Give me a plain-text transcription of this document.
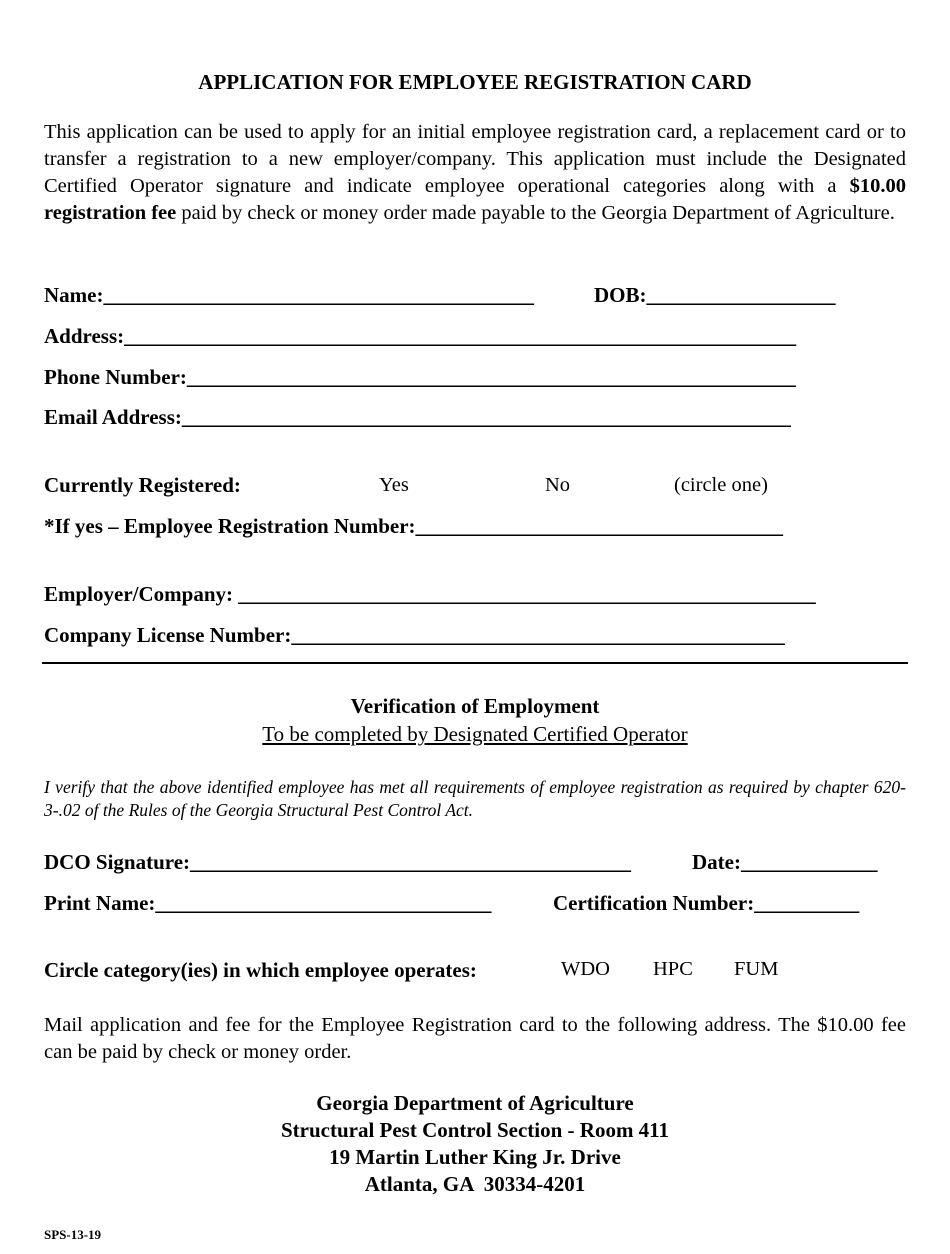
APPLICATION FOR EMPLOYEE REGISTRATION CARD
This application can be used to apply for an initial employee registration card, a replacement card or to transfer a registration to a new employer/company. This application must include the Designated Certified Operator signature and indicate employee operational categories along with a $10.00 registration fee paid by check or money order made payable to the Georgia Department of Agriculture.
Name:_________________________________________	DOB:__________________
Address:________________________________________________________________
Phone Number:__________________________________________________________
Email Address:__________________________________________________________
Currently Registered:	Yes	No	(circle one)
*If yes – Employee Registration Number:___________________________________
Employer/Company: _______________________________________________________
Company License Number:_______________________________________________
Verification of Employment
To be completed by Designated Certified Operator
I verify that the above identified employee has met all requirements of employee registration as required by chapter 620-3-.02 of the Rules of the Georgia Structural Pest Control Act.
DCO Signature:__________________________________________	Date:_____________
Print Name:________________________________	Certification Number:__________
Circle category(ies) in which employee operates:	WDO HPC FUM
Mail application and fee for the Employee Registration card to the following address. The $10.00 fee can be paid by check or money order.
Georgia Department of Agriculture
Structural Pest Control Section - Room 411
19 Martin Luther King Jr. Drive
Atlanta, GA  30334-4201
SPS-13-19
